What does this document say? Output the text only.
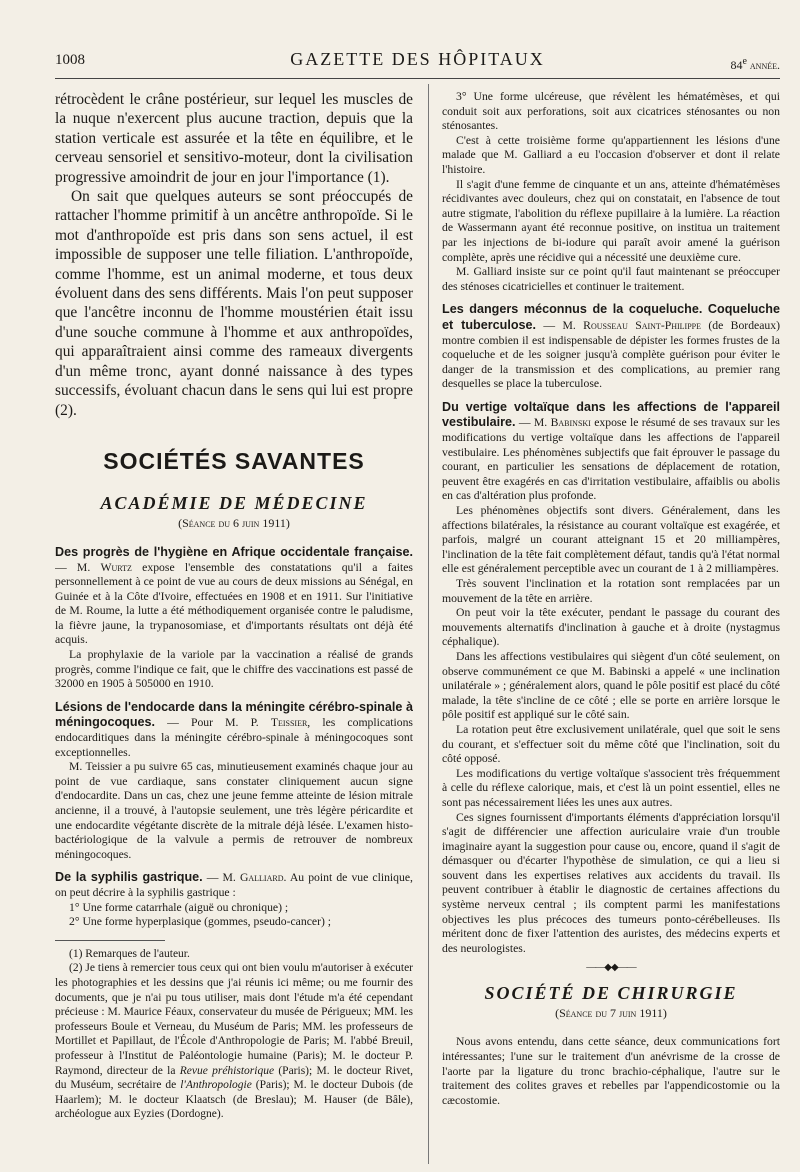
1008	GAZETTE DES HÔPITAUX	84e année.

rétrocèdent le crâne postérieur, sur lequel les muscles de la nuque n'exercent plus aucune traction, depuis que la station verticale est assurée et la tête en équilibre, et le cerveau sensoriel et sensitivo-moteur, dont la civilisation progressive amoindrit de jour en jour l'importance (1).

On sait que quelques auteurs se sont préoccupés de rattacher l'homme primitif à un ancêtre anthropoïde. Si le mot d'anthropoïde est pris dans son sens actuel, il est impossible de supposer une telle filiation. L'anthropoïde, comme l'homme, est un animal moderne, et tous deux évoluent dans des sens différents. Mais l'on peut supposer que l'ancêtre inconnu de l'homme moustérien était issu d'une souche commune à l'homme et aux anthropoïdes, qui apparaîtraient ainsi comme des rameaux divergents d'un même tronc, ayant donné naissance à des types successifs, évoluant chacun dans le sens qui lui est propre (2).

SOCIÉTÉS SAVANTES
ACADÉMIE DE MÉDECINE
(Séance du 6 juin 1911)

Des progrès de l'hygiène en Afrique occidentale française. — M. Wurtz expose l'ensemble des constatations qu'il a faites personnellement à ce point de vue au cours de deux missions au Sénégal, en Guinée et à la Côte d'Ivoire, effectuées en 1908 et en 1911. Sur l'initiative de M. Roume, la lutte a été méthodiquement organisée contre le paludisme, la fièvre jaune, la trypanosomiase, et d'importants résultats ont déjà été acquis.

La prophylaxie de la variole par la vaccination a réalisé de grands progrès, comme l'indique ce fait, que le chiffre des vaccinations est passé de 32000 en 1905 à 505000 en 1910.

Lésions de l'endocarde dans la méningite cérébro-spinale à méningocoques. — Pour M. P. Teissier, les complications endocarditiques dans la méningite cérébro-spinale à méningocoques sont exceptionnelles.

M. Teissier a pu suivre 65 cas, minutieusement examinés chaque jour au point de vue cardiaque, sans constater cliniquement aucun signe d'endocardite. Dans un cas, chez une jeune femme atteinte de lésion mitrale ancienne, il a trouvé, à l'autopsie seulement, une très légère péricardite et une endocardite végétante discrète de la mitrale déjà lésée. L'examen histo-bactériologique de la valvule a permis de retrouver de nombreux méningocoques.

De la syphilis gastrique. — M. Galliard. Au point de vue clinique, on peut décrire à la syphilis gastrique :

1° Une forme catarrhale (aiguë ou chronique) ;

2° Une forme hyperplasique (gommes, pseudo-cancer) ;

(1) Remarques de l'auteur.

(2) Je tiens à remercier tous ceux qui ont bien voulu m'autoriser à exécuter les photographies et les dessins que j'ai réunis ici même; ou me fournir des documents, que je n'ai pu tous utiliser, mais dont l'étude m'a été cependant précieuse : M. Maurice Féaux, conservateur du musée de Périgueux; MM. les professeurs Boule et Verneau, du Muséum de Paris; MM. les professeurs de Mortillet et Papillaut, de l'École d'Anthropologie de Paris; M. l'abbé Breuil, professeur à l'Institut de Paléontologie humaine (Paris); M. le docteur P. Raymond, directeur de la Revue préhistorique (Paris); M. le docteur Rivet, du Muséum, secrétaire de l'Anthropologie (Paris); M. le docteur Dubois (de Haarlem); M. le docteur Klaatsch (de Breslau); M. Hauser (de Bâle), archéologue aux Eyzies (Dordogne).

3° Une forme ulcéreuse, que révèlent les hématémèses, et qui conduit soit aux perforations, soit aux cicatrices sténosantes ou non sténosantes.

C'est à cette troisième forme qu'appartiennent les lésions d'une malade que M. Galliard a eu l'occasion d'observer et dont il relate l'histoire.

Il s'agit d'une femme de cinquante et un ans, atteinte d'hématémèses récidivantes avec douleurs, chez qui on constatait, en l'absence de tout autre stigmate, l'abolition du réflexe pupillaire à la lumière. La réaction de Wassermann ayant été reconnue positive, on institua un traitement par les injections de bi-iodure qui paraît avoir amené la guérison complète, après une récidive qui a nécessité une deuxième cure.

M. Galliard insiste sur ce point qu'il faut maintenant se préoccuper des sténoses cicatricielles et continuer le traitement.

Les dangers méconnus de la coqueluche. Coqueluche et tuberculose. — M. Rousseau Saint-Philippe (de Bordeaux) montre combien il est indispensable de dépister les formes frustes de la coqueluche et de les soigner jusqu'à complète guérison pour éviter le danger de la transmission et des complications, au premier rang desquelles se place la tuberculose.

Du vertige voltaïque dans les affections de l'appareil vestibulaire. — M. Babinski expose le résumé de ses travaux sur les modifications du vertige voltaïque dans les affections de l'appareil vestibulaire. Les phénomènes subjectifs que fait éprouver le passage du courant, en particulier les sensations de déplacement de rotation, peuvent être exagérés en cas d'irritation vestibulaire, affaiblis ou abolis en cas d'altération plus profonde.

Les phénomènes objectifs sont divers. Généralement, dans les affections bilatérales, la résistance au courant voltaïque est exagérée, et parfois, malgré un courant atteignant 15 et 20 milliampères, l'inclination de la tête fait complètement défaut, tandis qu'à l'état normal elle est généralement perceptible avec un courant de 1 à 2 milliampères.

Très souvent l'inclination et la rotation sont remplacées par un mouvement de la tête en arrière.

On peut voir la tête exécuter, pendant le passage du courant des mouvements alternatifs d'inclination à gauche et à droite (nystagmus céphalique).

Dans les affections vestibulaires qui siègent d'un côté seulement, on observe communément ce que M. Babinski a appelé « une inclination unilatérale » ; généralement alors, quand le pôle positif est placé du côté malade, la tête s'incline de ce côté ; elle se porte en arrière lorsque le pôle positif est appliqué sur le côté sain.

La rotation peut être exclusivement unilatérale, quel que soit le sens du courant, et s'effectuer soit du même côté que l'inclination, soit du côté opposé.

Les modifications du vertige voltaïque s'associent très fréquemment à celle du réflexe calorique, mais, et c'est là un point essentiel, elles ne sont pas nécessairement liées les unes aux autres.

Ces signes fournissent d'importants éléments d'appréciation lorsqu'il s'agit de différencier une affection auriculaire vraie d'un trouble imaginaire ayant la suggestion pour cause ou, encore, quand il s'agit de démasquer ou d'écarter l'hypothèse de simulation, ce qui a lieu si souvent dans les expertises relatives aux accidents du travail. Ils peuvent contribuer à établir le diagnostic de certaines affections du système nerveux central ; ils comptent parmi les manifestations objectives les plus précoces des tumeurs ponto-cérébelleuses. Ils méritent donc de fixer l'attention des auristes, des médecins experts et des neurologistes.

——◆◆——
SOCIÉTÉ DE CHIRURGIE
(Séance du 7 juin 1911)

Nous avons entendu, dans cette séance, deux communications fort intéressantes; l'une sur le traitement d'un anévrisme de la crosse de l'aorte par la ligature du tronc brachio-céphalique, l'autre sur le traitement des colites graves et rebelles par l'appendicostomie ou la cæcostomie.
